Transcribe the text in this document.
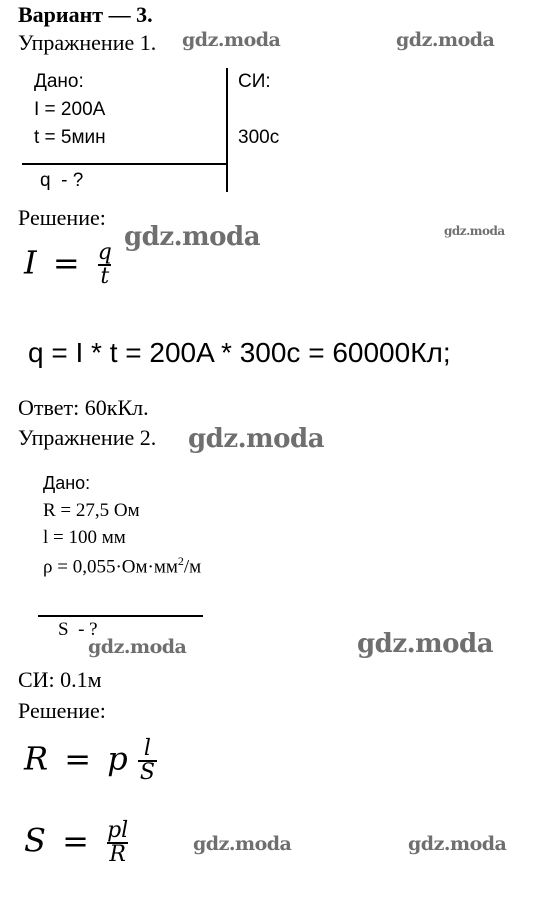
Вариант — 3.
Упражнение 1.
Дано:
I = 200A
t = 5мин
СИ:
300с
q  - ?
Решение:
$I = \frac{q}{t}$
q = I * t = 200A * 300с = 60000Кл;
Ответ: 60кКл.
Упражнение 2.
Дано:
R = 27,5 Ом
l = 100 мм
$\rho = 0,055\cdot Ом\cdot мм^2/м$
S  - ?
СИ: 0.1м
Решение:
R = p $\frac{l}{S}$
$S = \frac{pl}{R}$
gdz.moda	gdz.moda
gdz.moda	gdz.moda
gdz.moda
gdz.moda	gdz.moda
gdz.moda	gdz.moda
